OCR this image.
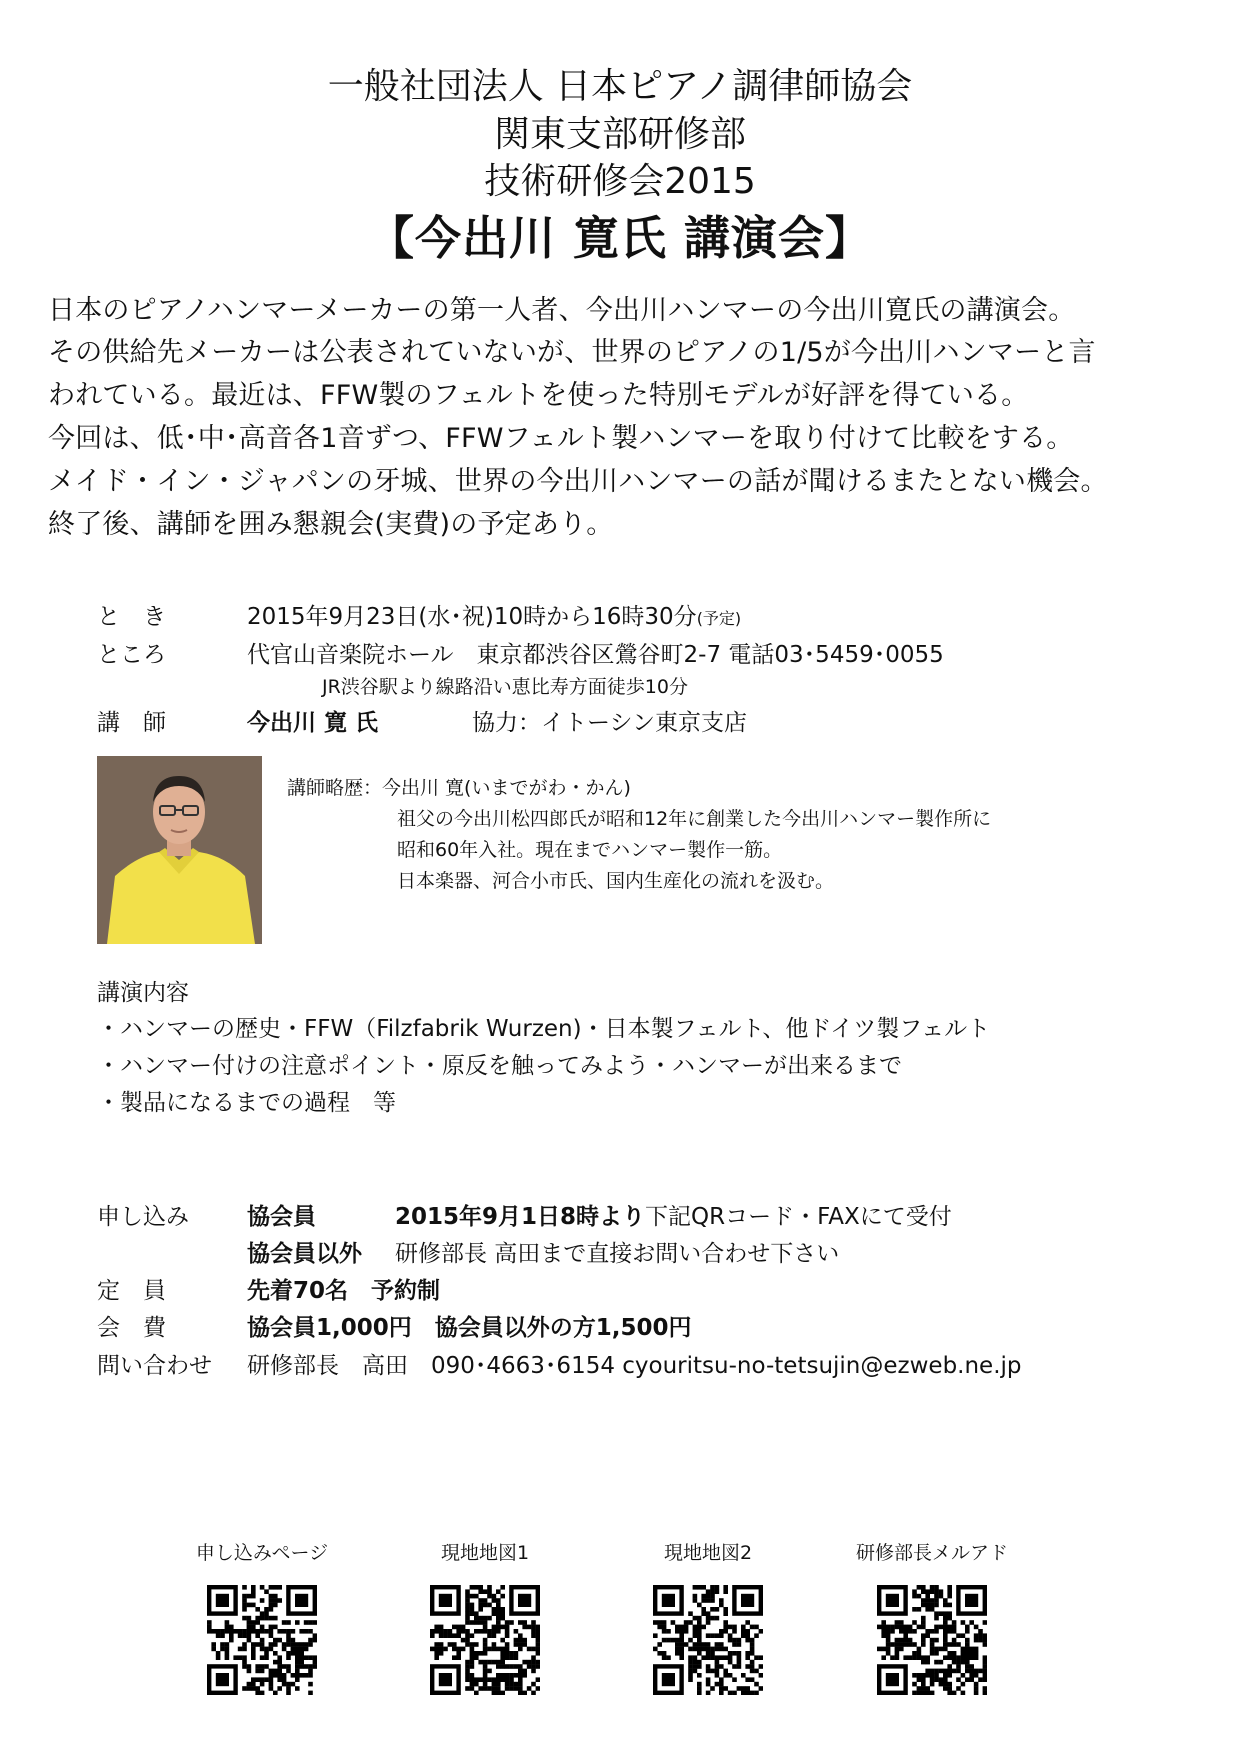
一般社団法人 日本ピアノ調律師協会
関東支部研修部
技術研修会2015
【今出川 寛氏 講演会】
日本のピアノハンマーメーカーの第一人者、今出川ハンマーの今出川寛氏の講演会。
その供給先メーカーは公表されていないが、世界のピアノの1/5が今出川ハンマーと言
われている。最近は、FFW製のフェルトを使った特別モデルが好評を得ている。
今回は、低･中･高音各1音ずつ、FFWフェルト製ハンマーを取り付けて比較をする。
メイド・イン・ジャパンの牙城、世界の今出川ハンマーの話が聞けるまたとない機会。
終了後、講師を囲み懇親会(実費)の予定あり。
と　き	2015年9月23日(水･祝)10時から16時30分(予定)
ところ	代官山音楽院ホール　東京都渋谷区鶯谷町2-7 電話03･5459･0055
JR渋谷駅より線路沿い恵比寿方面徒歩10分
講　師	今出川 寛 氏	協力：イトーシン東京支店
講師略歴：今出川 寛(いまでがわ・かん)
祖父の今出川松四郎氏が昭和12年に創業した今出川ハンマー製作所に
昭和60年入社。現在までハンマー製作一筋。
日本楽器、河合小市氏、国内生産化の流れを汲む。
講演内容
・ハンマーの歴史・FFW（Filzfabrik Wurzen)・日本製フェルト、他ドイツ製フェルト
・ハンマー付けの注意ポイント・原反を触ってみよう・ハンマーが出来るまで
・製品になるまでの過程　等
申し込み	協会員	2015年9月1日8時より下記QRコード・FAXにて受付
協会員以外 研修部長 高田まで直接お問い合わせ下さい
定　員	先着70名　予約制
会　費	協会員1,000円　協会員以外の方1,500円
問い合わせ 研修部長　高田　090･4663･6154 cyouritsu-no-tetsujin@ezweb.ne.jp
申し込みページ	現地地図1	現地地図2	研修部長メルアド
